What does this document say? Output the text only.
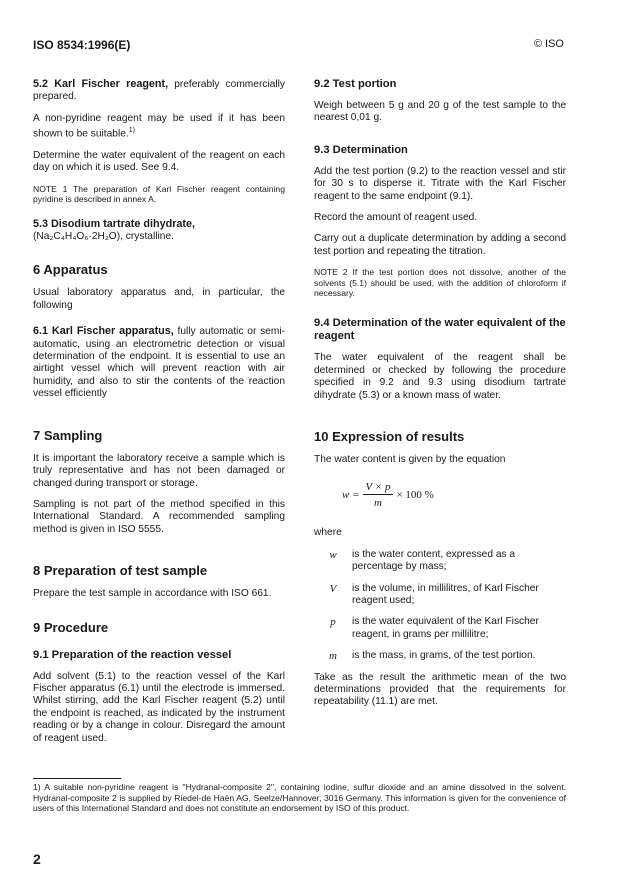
ISO 8534:1996(E)	© ISO

5.2 Karl Fischer reagent, preferably commercially prepared.

A non-pyridine reagent may be used if it has been shown to be suitable.$^{1)}$

Determine the water equivalent of the reagent on each day on which it is used. See 9.4.

NOTE 1 The preparation of Karl Fischer reagent containing pyridine is described in annex A.

5.3 Disodium tartrate dihydrate,
(Na₂C₄H₄O₆·2H₂O), crystalline.

6 Apparatus

Usual laboratory apparatus and, in particular, the following

6.1 Karl Fischer apparatus, fully automatic or semi-automatic, using an electrometric detection or visual determination of the endpoint. It is essential to use an airtight vessel which will prevent reaction with air humidity, and also to stir the contents of the reaction vessel efficiently

7 Sampling

It is important the laboratory receive a sample which is truly representative and has not been damaged or changed during transport or storage.

Sampling is not part of the method specified in this International Standard. A recommended sampling method is given in ISO 5555.

8 Preparation of test sample

Prepare the test sample in accordance with ISO 661.

9 Procedure
9.1 Preparation of the reaction vessel

Add solvent (5.1) to the reaction vessel of the Karl Fischer apparatus (6.1) until the electrode is immersed. Whilst stirring, add the Karl Fischer reagent (5.2) until the endpoint is reached, as indicated by the instrument reading or by a change in colour. Disregard the amount of reagent used.

9.2 Test portion

Weigh between 5 g and 20 g of the test sample to the nearest 0,01 g.

9.3 Determination

Add the test portion (9.2) to the reaction vessel and stir for 30 s to disperse it. Titrate with the Karl Fischer reagent to the same endpoint (9.1).

Record the amount of reagent used.

Carry out a duplicate determination by adding a second test portion and repeating the titration.

NOTE 2 If the test portion does not dissolve, another of the solvents (5.1) should be used, with the addition of chloroform if necessary.

9.4 Determination of the water equivalent of the reagent

The water equivalent of the reagent shall be determined or checked by following the procedure specified in 9.2 and 9.3 using disodium tartrate dihydrate (5.3) or a known mass of water.

10 Expression of results

The water content is given by the equation

$w = \frac{V \times p}{m} \times 100$ %

where

w	is the water content, expressed as a percentage by mass;
V	is the volume, in millilitres, of Karl Fischer reagent used;
p	is the water equivalent of the Karl Fischer reagent, in grams per millilitre;
m	is the mass, in grams, of the test portion.

Take as the result the arithmetic mean of the two determinations provided that the requirements for repeatability (11.1) are met.

1) A suitable non-pyridine reagent is "Hydranal-composite 2", containing iodine, sulfur dioxide and an amine dissolved in the solvent. Hydranal-composite 2 is supplied by Riedel-de Haën AG, Seelze/Hannover, 3016 Germany. This information is given for the convenience of users of this International Standard and does not constitute an endorsement by ISO of this product.
2
